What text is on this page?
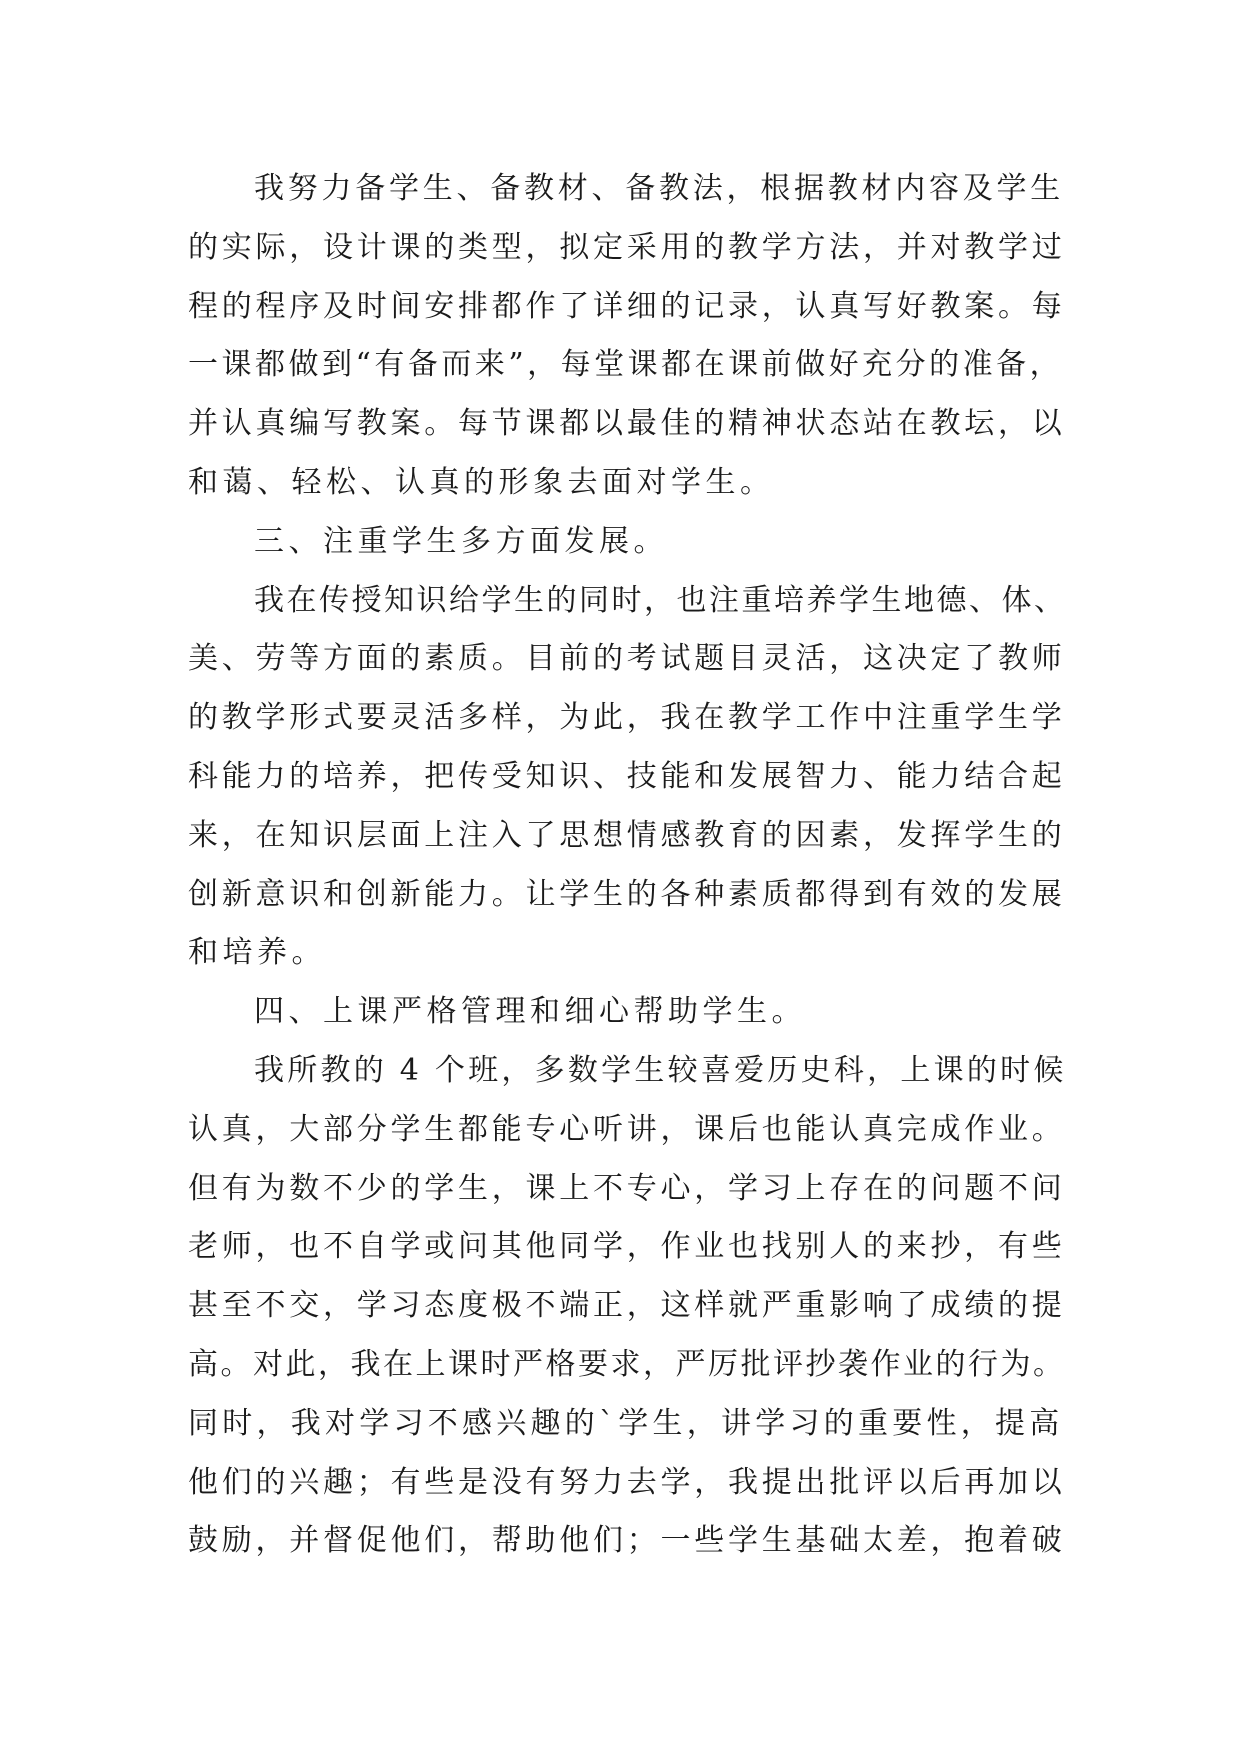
我努力备学生、备教材、备教法，根据教材内容及学生
的实际，设计课的类型，拟定采用的教学方法，并对教学过
程的程序及时间安排都作了详细的记录，认真写好教案。每
一课都做到“有备而来”，每堂课都在课前做好充分的准备，
并认真编写教案。每节课都以最佳的精神状态站在教坛，以
和蔼、轻松、认真的形象去面对学生。
三、注重学生多方面发展。
我在传授知识给学生的同时，也注重培养学生地德、体、
美、劳等方面的素质。目前的考试题目灵活，这决定了教师
的教学形式要灵活多样，为此，我在教学工作中注重学生学
科能力的培养，把传受知识、技能和发展智力、能力结合起
来，在知识层面上注入了思想情感教育的因素，发挥学生的
创新意识和创新能力。让学生的各种素质都得到有效的发展
和培养。
四、上课严格管理和细心帮助学生。
我所教的 4 个班，多数学生较喜爱历史科，上课的时候
认真，大部分学生都能专心听讲，课后也能认真完成作业。
但有为数不少的学生，课上不专心，学习上存在的问题不问
老师，也不自学或问其他同学，作业也找别人的来抄，有些
甚至不交，学习态度极不端正，这样就严重影响了成绩的提
高。对此，我在上课时严格要求，严厉批评抄袭作业的行为。
同时，我对学习不感兴趣的`学生，讲学习的重要性，提高
他们的兴趣；有些是没有努力去学，我提出批评以后再加以
鼓励，并督促他们，帮助他们；一些学生基础太差，抱着破
